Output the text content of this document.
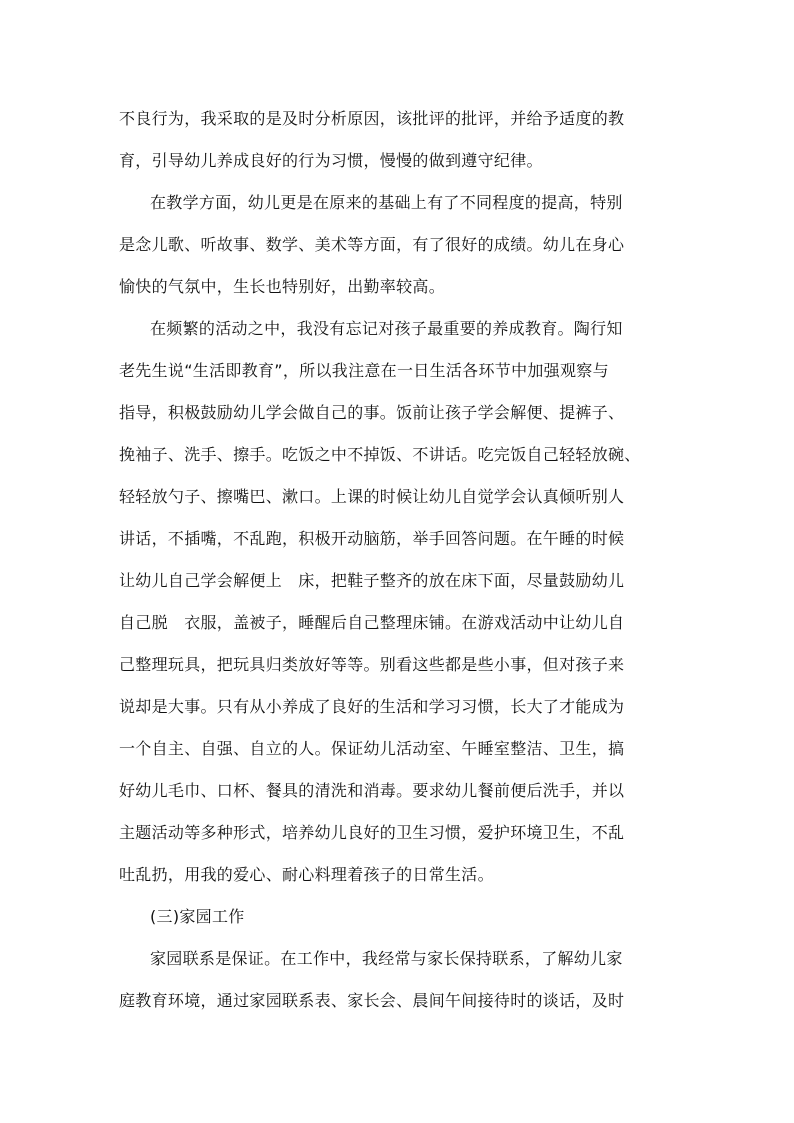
不良行为，我采取的是及时分析原因，该批评的批评，并给予适度的教
育，引导幼儿养成良好的行为习惯，慢慢的做到遵守纪律。
在教学方面，幼儿更是在原来的基础上有了不同程度的提高，特别
是念儿歌、听故事、数学、美术等方面，有了很好的成绩。幼儿在身心
愉快的气氛中，生长也特别好，出勤率较高。
在频繁的活动之中，我没有忘记对孩子最重要的养成教育。陶行知
老先生说“生活即教育”，所以我注意在一日生活各环节中加强观察与
指导，积极鼓励幼儿学会做自己的事。饭前让孩子学会解便、提裤子、
挽袖子、洗手、擦手。吃饭之中不掉饭、不讲话。吃完饭自己轻轻放碗、
轻轻放勺子、擦嘴巴、漱口。上课的时候让幼儿自觉学会认真倾听别人
讲话，不插嘴，不乱跑，积极开动脑筋，举手回答问题。在午睡的时候
让幼儿自己学会解便上　床，把鞋子整齐的放在床下面，尽量鼓励幼儿
自己脱　衣服，盖被子，睡醒后自己整理床铺。在游戏活动中让幼儿自
己整理玩具，把玩具归类放好等等。别看这些都是些小事，但对孩子来
说却是大事。只有从小养成了良好的生活和学习习惯，长大了才能成为
一个自主、自强、自立的人。保证幼儿活动室、午睡室整洁、卫生，搞
好幼儿毛巾、口杯、餐具的清洗和消毒。要求幼儿餐前便后洗手，并以
主题活动等多种形式，培养幼儿良好的卫生习惯，爱护环境卫生，不乱
吐乱扔，用我的爱心、耐心料理着孩子的日常生活。
(三)家园工作
家园联系是保证。在工作中，我经常与家长保持联系，了解幼儿家
庭教育环境，通过家园联系表、家长会、晨间午间接待时的谈话，及时
